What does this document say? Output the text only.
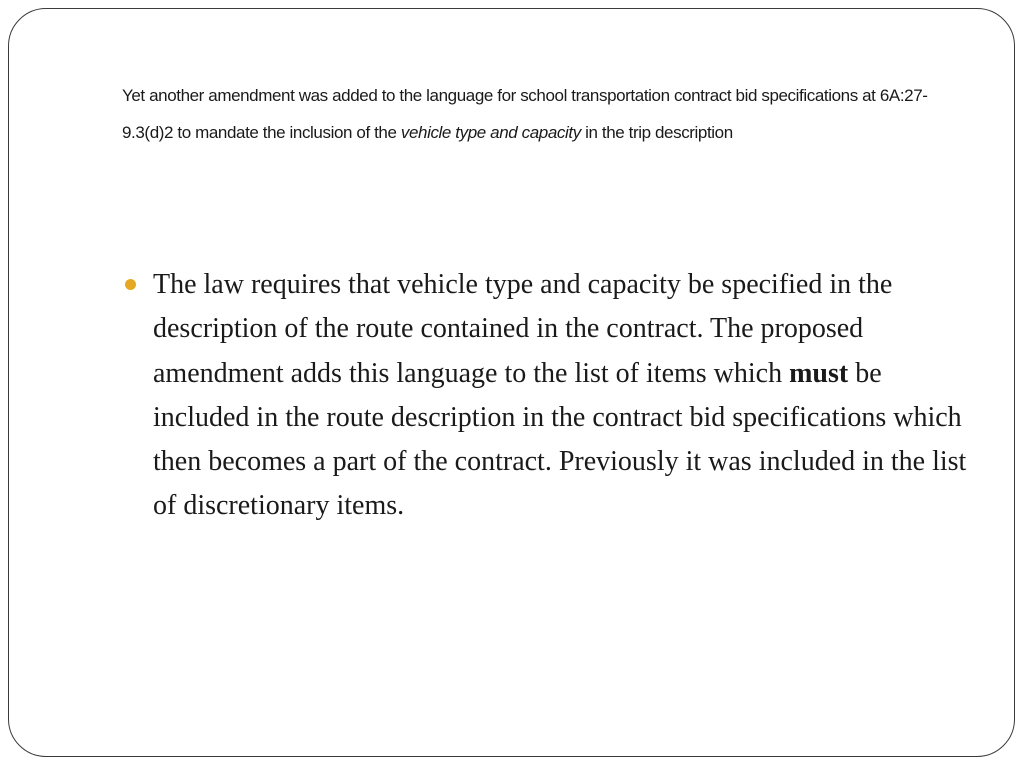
Yet another amendment was added to the language for school transportation contract bid specifications at 6A:27-9.3(d)2 to mandate the inclusion of the vehicle type and capacity in the trip description
The law requires that vehicle type and capacity be specified in the description of the route contained in the contract. The proposed amendment adds this language to the list of items which must be included in the route description in the contract bid specifications which then becomes a part of the contract. Previously it was included in the list of discretionary items.
